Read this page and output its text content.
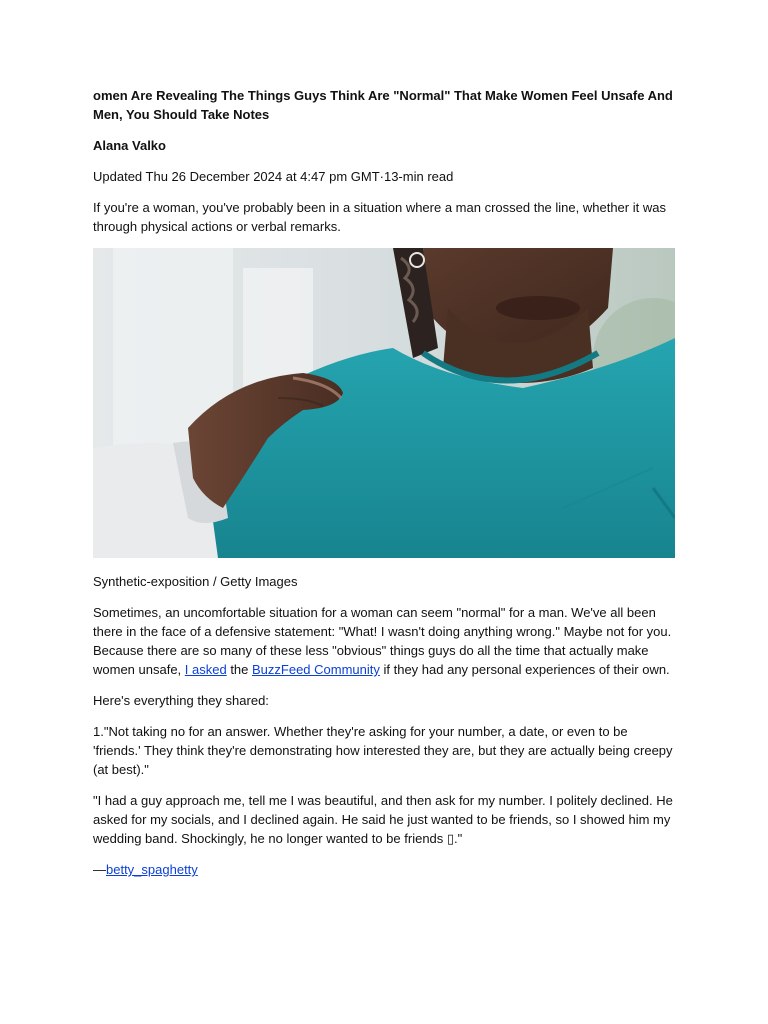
omen Are Revealing The Things Guys Think Are "Normal" That Make Women Feel Unsafe And Men, You Should Take Notes

Alana Valko

Updated Thu 26 December 2024 at 4:47 pm GMT·13-min read

If you're a woman, you've probably been in a situation where a man crossed the line, whether it was through physical actions or verbal remarks.

Synthetic-exposition / Getty Images

Sometimes, an uncomfortable situation for a woman can seem "normal" for a man. We've all been there in the face of a defensive statement: "What! I wasn't doing anything wrong." Maybe not for you. Because there are so many of these less "obvious" things guys do all the time that actually make women unsafe, I asked the BuzzFeed Community if they had any personal experiences of their own.

Here's everything they shared:

1."Not taking no for an answer. Whether they're asking for your number, a date, or even to be 'friends.' They think they're demonstrating how interested they are, but they are actually being creepy (at best)."

"I had a guy approach me, tell me I was beautiful, and then ask for my number. I politely declined. He asked for my socials, and I declined again. He said he just wanted to be friends, so I showed him my wedding band. Shockingly, he no longer wanted to be friends ▯."

—betty_spaghetty
